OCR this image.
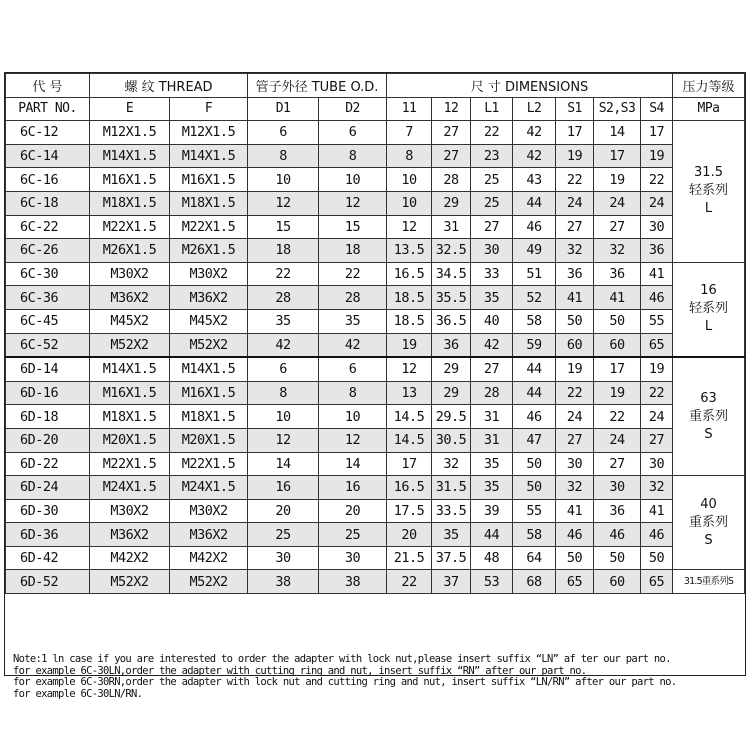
代 号	螺 纹 THREAD		管子外径 TUBE O.D.		尺 寸 DIMENSIONS							压力等级
PART NO.	E	F	D1	D2	11	12	L1	L2	S1	S2,S3	S4	MPa
6C-12	M12X1.5	M12X1.5	6	6	7	27	22	42	17	14	17	31.5
轻系列
L

6C-14	M14X1.5	M14X1.5	8	8	8	27	23	42	19	17	19	
6C-16	M16X1.5	M16X1.5	10	10	10	28	25	43	22	19	22	
6C-18	M18X1.5	M18X1.5	12	12	10	29	25	44	24	24	24	
6C-22	M22X1.5	M22X1.5	15	15	12	31	27	46	27	27	30	
6C-26	M26X1.5	M26X1.5	18	18	13.5	32.5	30	49	32	32	36	
6C-30	M30X2	M30X2	22	22	16.5	34.5	33	51	36	36	41	16
轻系列
L

6C-36	M36X2	M36X2	28	28	18.5	35.5	35	52	41	41	46	
6C-45	M45X2	M45X2	35	35	18.5	36.5	40	58	50	50	55	
6C-52	M52X2	M52X2	42	42	19	36	42	59	60	60	65	
6D-14	M14X1.5	M14X1.5	6	6	12	29	27	44	19	17	19	63
重系列
S

6D-16	M16X1.5	M16X1.5	8	8	13	29	28	44	22	19	22	
6D-18	M18X1.5	M18X1.5	10	10	14.5	29.5	31	46	24	22	24	
6D-20	M20X1.5	M20X1.5	12	12	14.5	30.5	31	47	27	24	27	
6D-22	M22X1.5	M22X1.5	14	14	17	32	35	50	30	27	30	
6D-24	M24X1.5	M24X1.5	16	16	16.5	31.5	35	50	32	30	32	40
重系列
S

6D-30	M30X2	M30X2	20	20	17.5	33.5	39	55	41	36	41	
6D-36	M36X2	M36X2	25	25	20	35	44	58	46	46	46	
6D-42	M42X2	M42X2	30	30	21.5	37.5	48	64	50	50	50	
6D-52	M52X2	M52X2	38	38	22	37	53	68	65	60	65	31.5重系列S
Note:1 ln case if you are interested to order the adapter with lock nut,please insert suffix “LN” af ter our part no.
for example 6C-30LN,order the adapter with cutting ring and nut, insert suffix “RN” after our part no.
for example 6C-30RN,order the adapter with lock nut and cutting ring and nut, insert suffix “LN/RN” after our part no.
for example 6C-30LN/RN.
